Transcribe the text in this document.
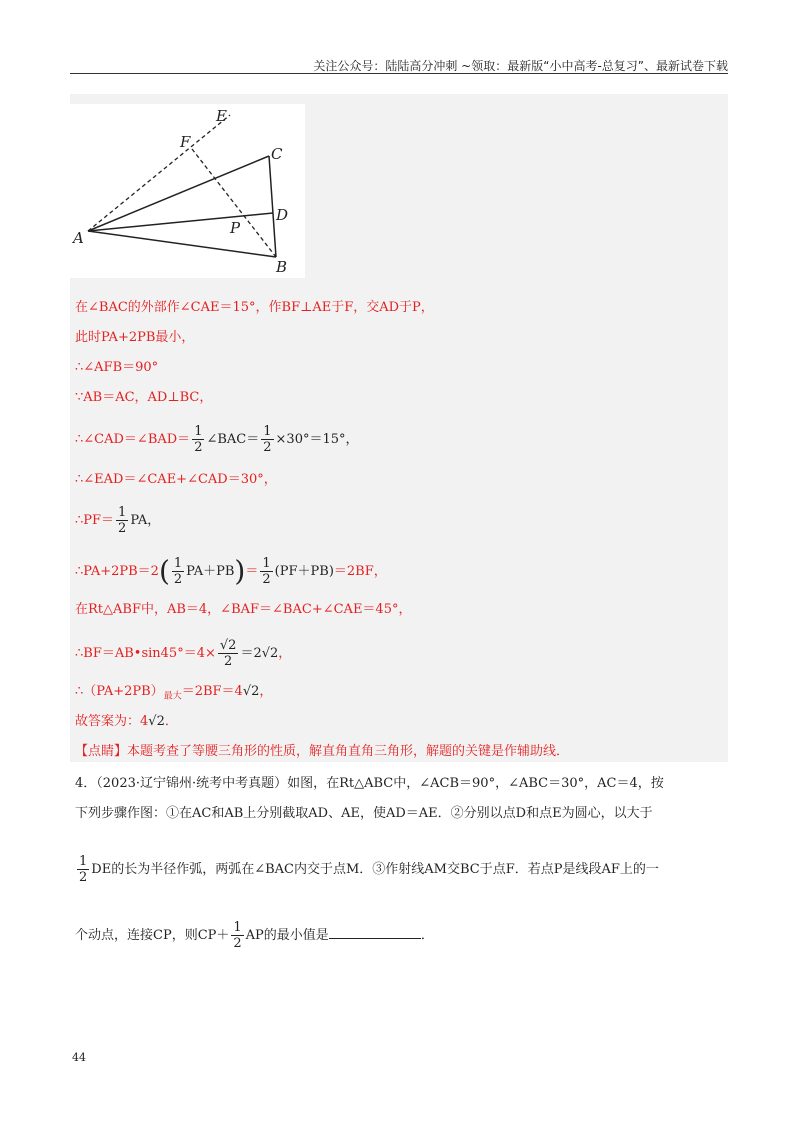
关注公众号：陆陆高分冲刺 ~领取：最新版“小中高考-总复习”、最新试卷下载
E
F
C
D
P
A
B
在∠BAC的外部作∠CAE＝15°，作BF⊥AE于F，交AD于P，
此时PA+2PB最小，
∴∠AFB＝90°
∵AB＝AC，AD⊥BC，
∴∠CAD＝∠BAD＝ $\frac{1}{2}$ ∠BAC＝ $\frac{1}{2} \times 30^\circ=15^\circ$，
∴∠EAD＝∠CAE+∠CAD＝30°，
∴PF＝ $\frac{1}{2}$ PA，
∴PA+2PB＝2( $\frac{1}{2} PA+PB)= \frac{1}{2} (PF+PB)=2BF$，
在Rt△ABF中，AB＝4，∠BAF＝∠BAC+∠CAE＝45°，
∴BF＝AB•sin45°＝4× $\frac{√2}{2} =2√2$，
$\therefore(PA+2PB)_{最大}=2BF=4√2$，
故答案为：4√2．
【点睛】本题考查了等腰三角形的性质，解直角直角三角形，解题的关键是作辅助线．
4．（2023·辽宁锦州·统考中考真题）如图，在Rt△ABC中，∠ACB＝90°，∠ABC＝30°，AC＝4，按
下列步骤作图：①在AC和AB上分别截取AD、AE，使AD＝AE．②分别以点D和点E为圆心，以大于
$\frac{1}{2}$ DE的长为半径作弧，两弧在∠BAC内交于点M．③作射线AM交BC于点F．若点P是线段AF上的一
个动点，连接CP，则$CP+ \frac{1}{2}$ AP的最小值是	．
44
